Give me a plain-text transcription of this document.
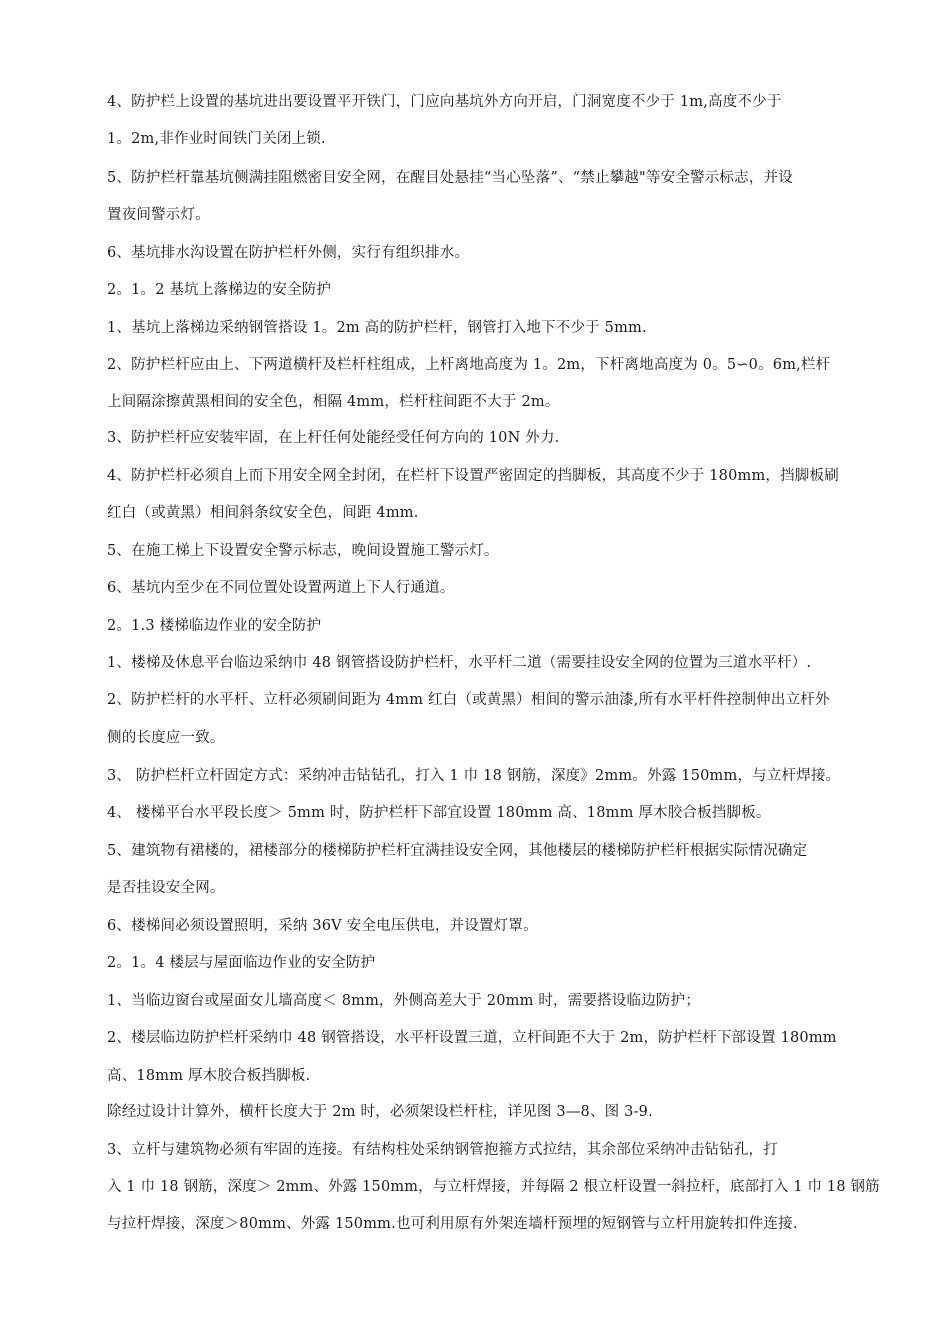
4、防护栏上设置的基坑进出要设置平开铁门，门应向基坑外方向开启，门洞宽度不少于 1m,高度不少于
1。2m,非作业时间铁门关闭上锁.
5、防护栏杆靠基坑侧满挂阻燃密目安全网，在醒目处悬挂“当心坠落”、“禁止攀越"等安全警示标志，并设
置夜间警示灯。
6、基坑排水沟设置在防护栏杆外侧，实行有组织排水。
2。1。2 基坑上落梯边的安全防护
1、基坑上落梯边采纳钢管搭设 1。2m 高的防护栏杆，钢管打入地下不少于 5mm.
2、防护栏杆应由上、下两道横杆及栏杆柱组成，上杆离地高度为 1。2m，下杆离地高度为 0。5∽0。6m,栏杆
上间隔涂擦黄黑相间的安全色，相隔 4mm，栏杆柱间距不大于 2m。
3、防护栏杆应安装牢固，在上杆任何处能经受任何方向的 10N 外力.
4、防护栏杆必须自上而下用安全网全封闭，在栏杆下设置严密固定的挡脚板，其高度不少于 180mm，挡脚板刷
红白（或黄黑）相间斜条纹安全色，间距 4mm.
5、在施工梯上下设置安全警示标志，晚间设置施工警示灯。
6、基坑内至少在不同位置处设置两道上下人行通道。
2。1.3 楼梯临边作业的安全防护
1、楼梯及休息平台临边采纳巾 48 钢管搭设防护栏杆，水平杆二道（需要挂设安全网的位置为三道水平杆）.
2、防护栏杆的水平杆、立杆必须刷间距为 4mm 红白（或黄黑）相间的警示油漆,所有水平杆件控制伸出立杆外
侧的长度应一致。
3、 防护栏杆立杆固定方式：采纳冲击钻钻孔，打入 1 巾 18 钢筋，深度》2mm。外露 150mm，与立杆焊接。
4、 楼梯平台水平段长度＞ 5mm 时，防护栏杆下部宜设置 180mm 高、18mm 厚木胶合板挡脚板。
5、建筑物有裙楼的，裙楼部分的楼梯防护栏杆宜满挂设安全网，其他楼层的楼梯防护栏杆根据实际情况确定
是否挂设安全网。
6、楼梯间必须设置照明，采纳 36V 安全电压供电，并设置灯罩。
2。1。4 楼层与屋面临边作业的安全防护
1、当临边窗台或屋面女儿墙高度＜ 8mm，外侧高差大于 20mm 时，需要搭设临边防护；
2、楼层临边防护栏杆采纳巾 48 钢管搭设，水平杆设置三道，立杆间距不大于 2m，防护栏杆下部设置 180mm
高、18mm 厚木胶合板挡脚板.
除经过设计计算外，横杆长度大于 2m 时，必须架设栏杆柱，详见图 3—8、图 3-9.
3、立杆与建筑物必须有牢固的连接。有结构柱处采纳钢管抱箍方式拉结，其余部位采纳冲击钻钻孔，打
入 1 巾 18 钢筋，深度＞ 2mm、外露 150mm，与立杆焊接，并每隔 2 根立杆设置一斜拉杆，底部打入 1 巾 18 钢筋
与拉杆焊接，深度＞80mm、外露 150mm.也可利用原有外架连墙杆预埋的短钢管与立杆用旋转扣件连接.
